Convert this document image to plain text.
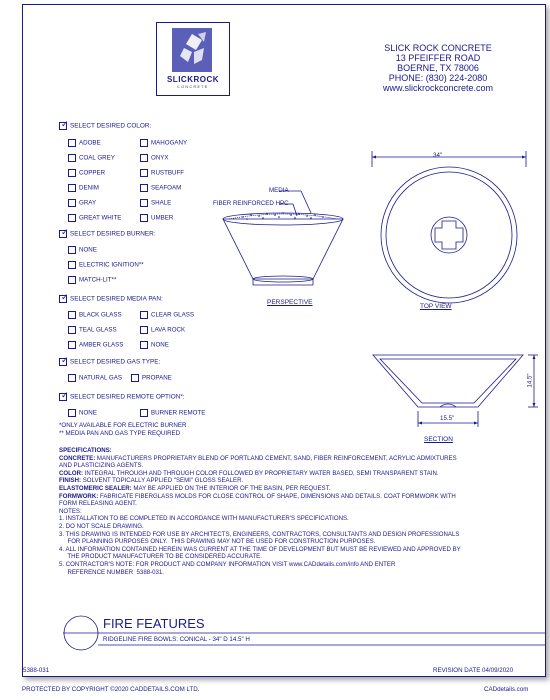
SLICKROCK
CONCRETE
SLICK ROCK CONCRETE
13 PFEIFFER ROAD
BOERNE, TX 78006
PHONE: (830) 224-2080
www.slickrockconcrete.com
✓ SELECT DESIRED COLOR:
ADOBE	MAHOGANY
COAL GREY	ONYX
COPPER	RUSTBUFF
DENIM	SEAFOAM
GRAY	SHALE
GREAT WHITE	UMBER
✓ SELECT DESIRED BURNER:
NONE
ELECTRIC IGNITION**
MATCH-LIT**
✓ SELECT DESIRED MEDIA PAN:
BLACK GLASS	CLEAR GLASS
TEAL GLASS	LAVA ROCK
AMBER GLASS	NONE
✓ SELECT DESIRED GAS TYPE:
NATURAL GAS	PROPANE
✓ SELECT DESIRED REMOTE OPTION*:
NONE	BURNER REMOTE
*ONLY AVAILABLE FOR ELECTRIC BURNER
** MEDIA PAN AND GAS TYPE REQUIRED
MEDIA
FIBER REINFORCED HPC
PERSPECTIVE
34"
TOP VIEW
14.5"
15.5"
SECTION
SPECIFICATIONS:
CONCRETE: MANUFACTURERS PROPRIETARY BLEND OF PORTLAND CEMENT, SAND, FIBER REINFORCEMENT, ACRYLIC ADMIXTURES
AND PLASTICIZING AGENTS.
COLOR: INTEGRAL THROUGH AND THROUGH COLOR FOLLOWED BY PROPRIETARY WATER BASED, SEMI TRANSPARENT STAIN.
FINISH: SOLVENT TOPICALLY APPLIED "SEMI" GLOSS SEALER.
ELASTOMERIC SEALER: MAY BE APPLIED ON THE INTERIOR OF THE BASIN, PER REQUEST.
FORMWORK: FABRICATE FIBERGLASS MOLDS FOR CLOSE CONTROL OF SHAPE, DIMENSIONS AND DETAILS. COAT FORMWORK WITH
FORM RELEASING AGENT.
NOTES:
1. INSTALLATION TO BE COMPLETED IN ACCORDANCE WITH MANUFACTURER'S SPECIFICATIONS.
2. DO NOT SCALE DRAWING.
3. THIS DRAWING IS INTENDED FOR USE BY ARCHITECTS, ENGINEERS, CONTRACTORS, CONSULTANTS AND DESIGN PROFESSIONALS
FOR PLANNING PURPOSES ONLY.  THIS DRAWING MAY NOT BE USED FOR CONSTRUCTION PURPOSES.
4. ALL INFORMATION CONTAINED HEREIN WAS CURRENT AT THE TIME OF DEVELOPMENT BUT MUST BE REVIEWED AND APPROVED BY
THE PRODUCT MANUFACTURER TO BE CONSIDERED ACCURATE.
5. CONTRACTOR'S NOTE: FOR PRODUCT AND COMPANY INFORMATION VISIT www.CADdetails.com/info AND ENTER
REFERENCE NUMBER  5388-031.
FIRE FEATURES
RIDGELINE FIRE BOWLS: CONICAL - 34" D 14.5" H
5388-031	REVISION DATE 04/09/2020
PROTECTED BY COPYRIGHT ©2020 CADDETAILS.COM LTD.	CADdetails.com
